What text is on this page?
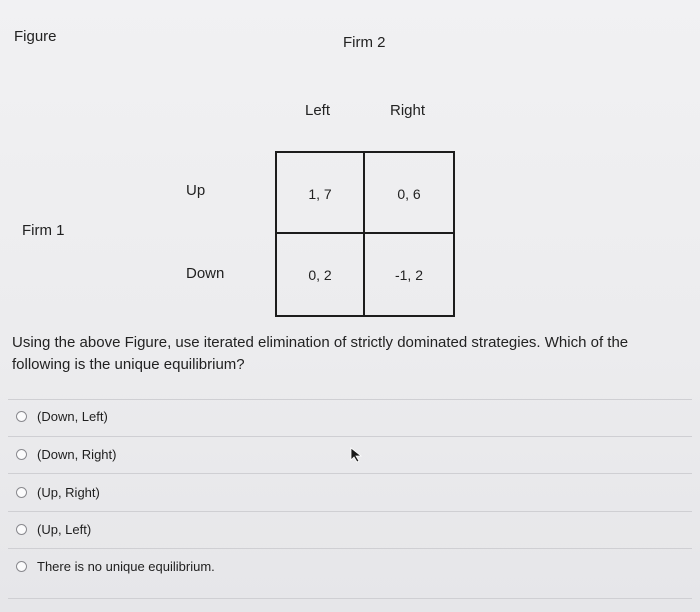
Figure	Firm 2
Left	Right
Up
Firm 1
Down
1, 7	0, 6
0, 2	-1, 2
Using the above Figure, use iterated elimination of strictly dominated strategies. Which of the following is the unique equilibrium?
(Down, Left)
(Down, Right)
(Up, Right)
(Up, Left)
There is no unique equilibrium.
